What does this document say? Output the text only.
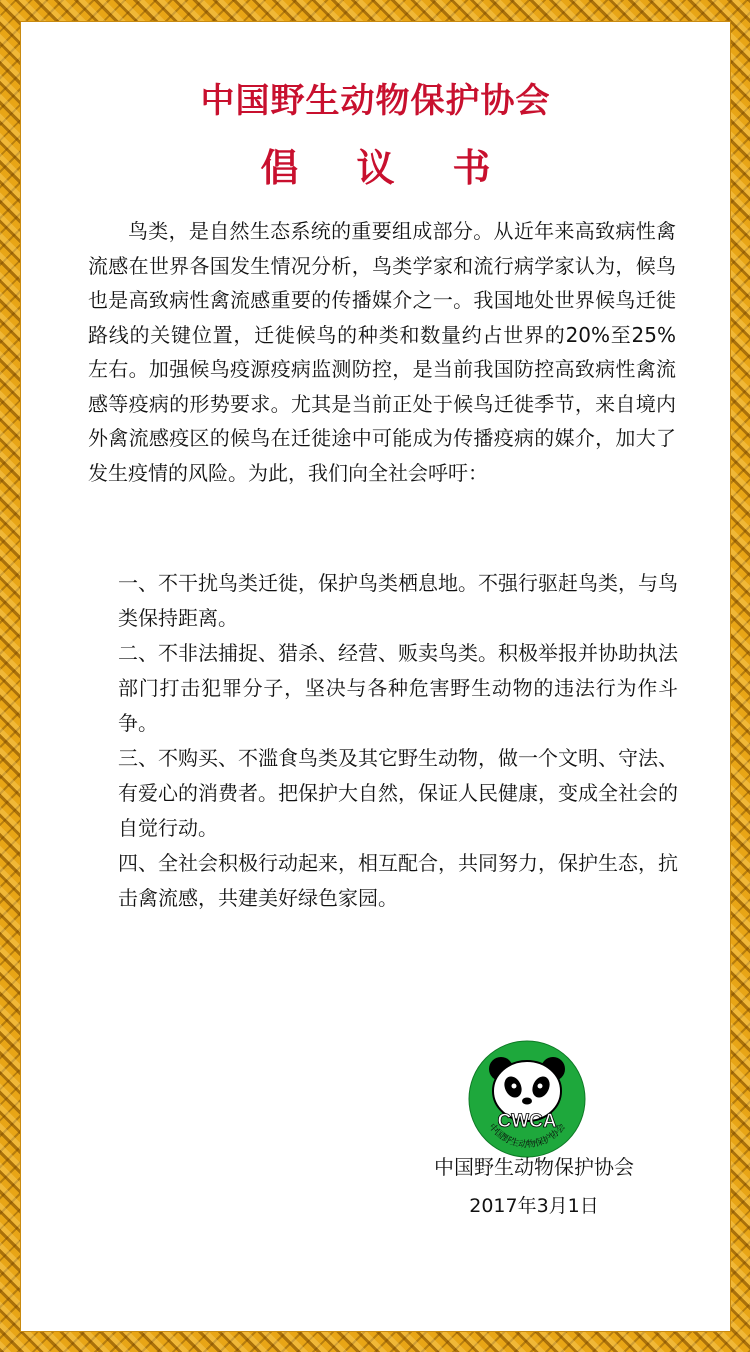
中国野生动物保护协会
倡议书

鸟类，是自然生态系统的重要组成部分。从近年来高致病性禽流感在世界各国发生情况分析，鸟类学家和流行病学家认为，候鸟也是高致病性禽流感重要的传播媒介之一。我国地处世界候鸟迁徙路线的关键位置，迁徙候鸟的种类和数量约占世界的20%至25%左右。加强候鸟疫源疫病监测防控，是当前我国防控高致病性禽流感等疫病的形势要求。尤其是当前正处于候鸟迁徙季节，来自境内外禽流感疫区的候鸟在迁徙途中可能成为传播疫病的媒介，加大了发生疫情的风险。为此，我们向全社会呼吁：

一、不干扰鸟类迁徙，保护鸟类栖息地。不强行驱赶鸟类，与鸟类保持距离。

二、不非法捕捉、猎杀、经营、贩卖鸟类。积极举报并协助执法部门打击犯罪分子，坚决与各种危害野生动物的违法行为作斗争。

三、不购买、不滥食鸟类及其它野生动物，做一个文明、守法、有爱心的消费者。把保护大自然，保证人民健康，变成全社会的自觉行动。

四、全社会积极行动起来，相互配合，共同努力，保护生态，抗击禽流感，共建美好绿色家园。

CWCA
中国野生动物保护协会
中国野生动物保护协会
2017年3月1日
